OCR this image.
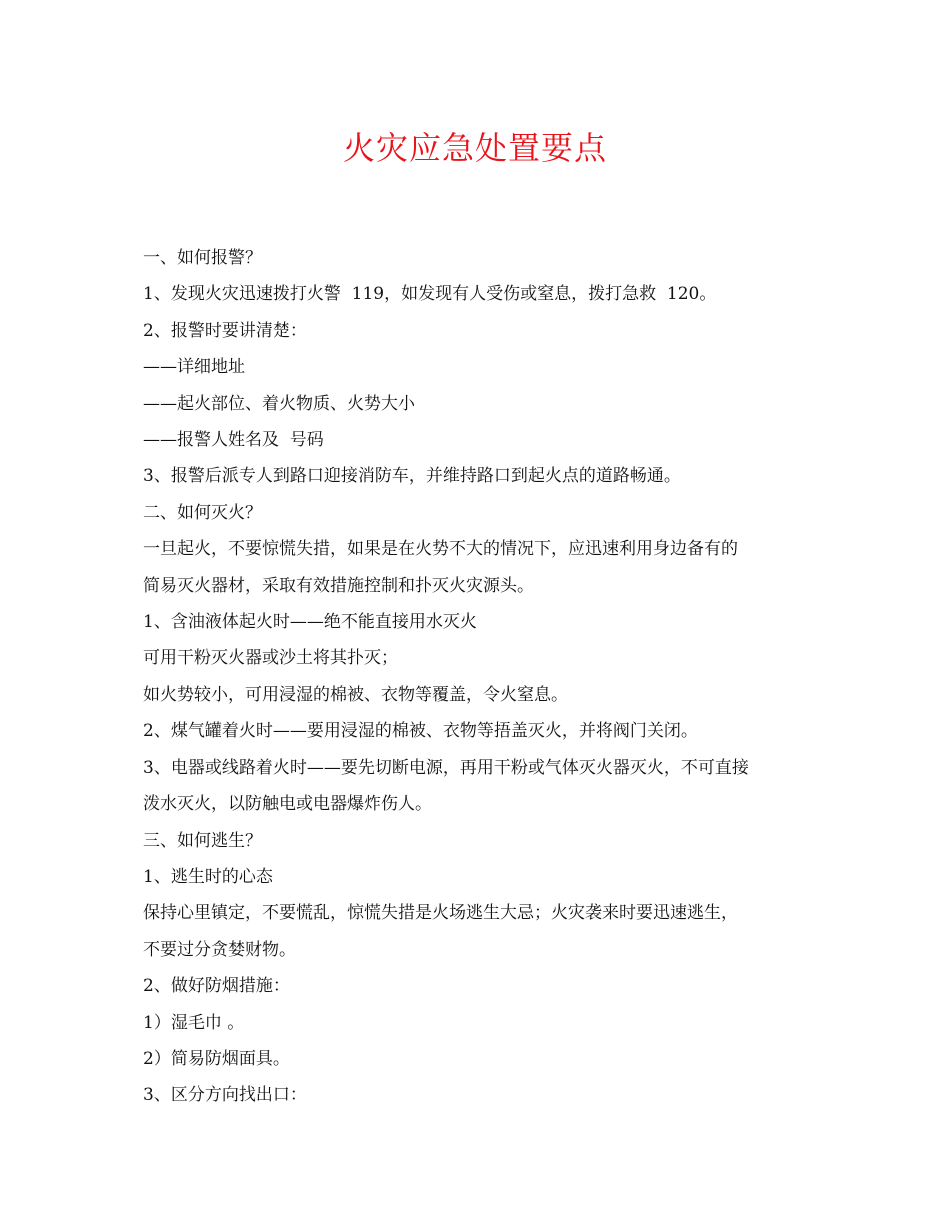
火灾应急处置要点

一、如何报警？

1、发现火灾迅速拨打火警  119，如发现有人受伤或窒息，拨打急救  120。

2、报警时要讲清楚：

——详细地址

——起火部位、着火物质、火势大小

——报警人姓名及  号码

3、报警后派专人到路口迎接消防车，并维持路口到起火点的道路畅通。

二、如何灭火？

一旦起火，不要惊慌失措，如果是在火势不大的情况下，应迅速利用身边备有的

简易灭火器材，采取有效措施控制和扑灭火灾源头。

1、含油液体起火时——绝不能直接用水灭火

可用干粉灭火器或沙土将其扑灭；

如火势较小，可用浸湿的棉被、衣物等覆盖，令火窒息。

2、煤气罐着火时——要用浸湿的棉被、衣物等捂盖灭火，并将阀门关闭。

3、电器或线路着火时——要先切断电源，再用干粉或气体灭火器灭火，不可直接

泼水灭火，以防触电或电器爆炸伤人。

三、如何逃生？

1、逃生时的心态

保持心里镇定，不要慌乱，惊慌失措是火场逃生大忌；火灾袭来时要迅速逃生，

不要过分贪婪财物。

2、做好防烟措施：

1）湿毛巾 。

2）简易防烟面具。

3、区分方向找出口：
